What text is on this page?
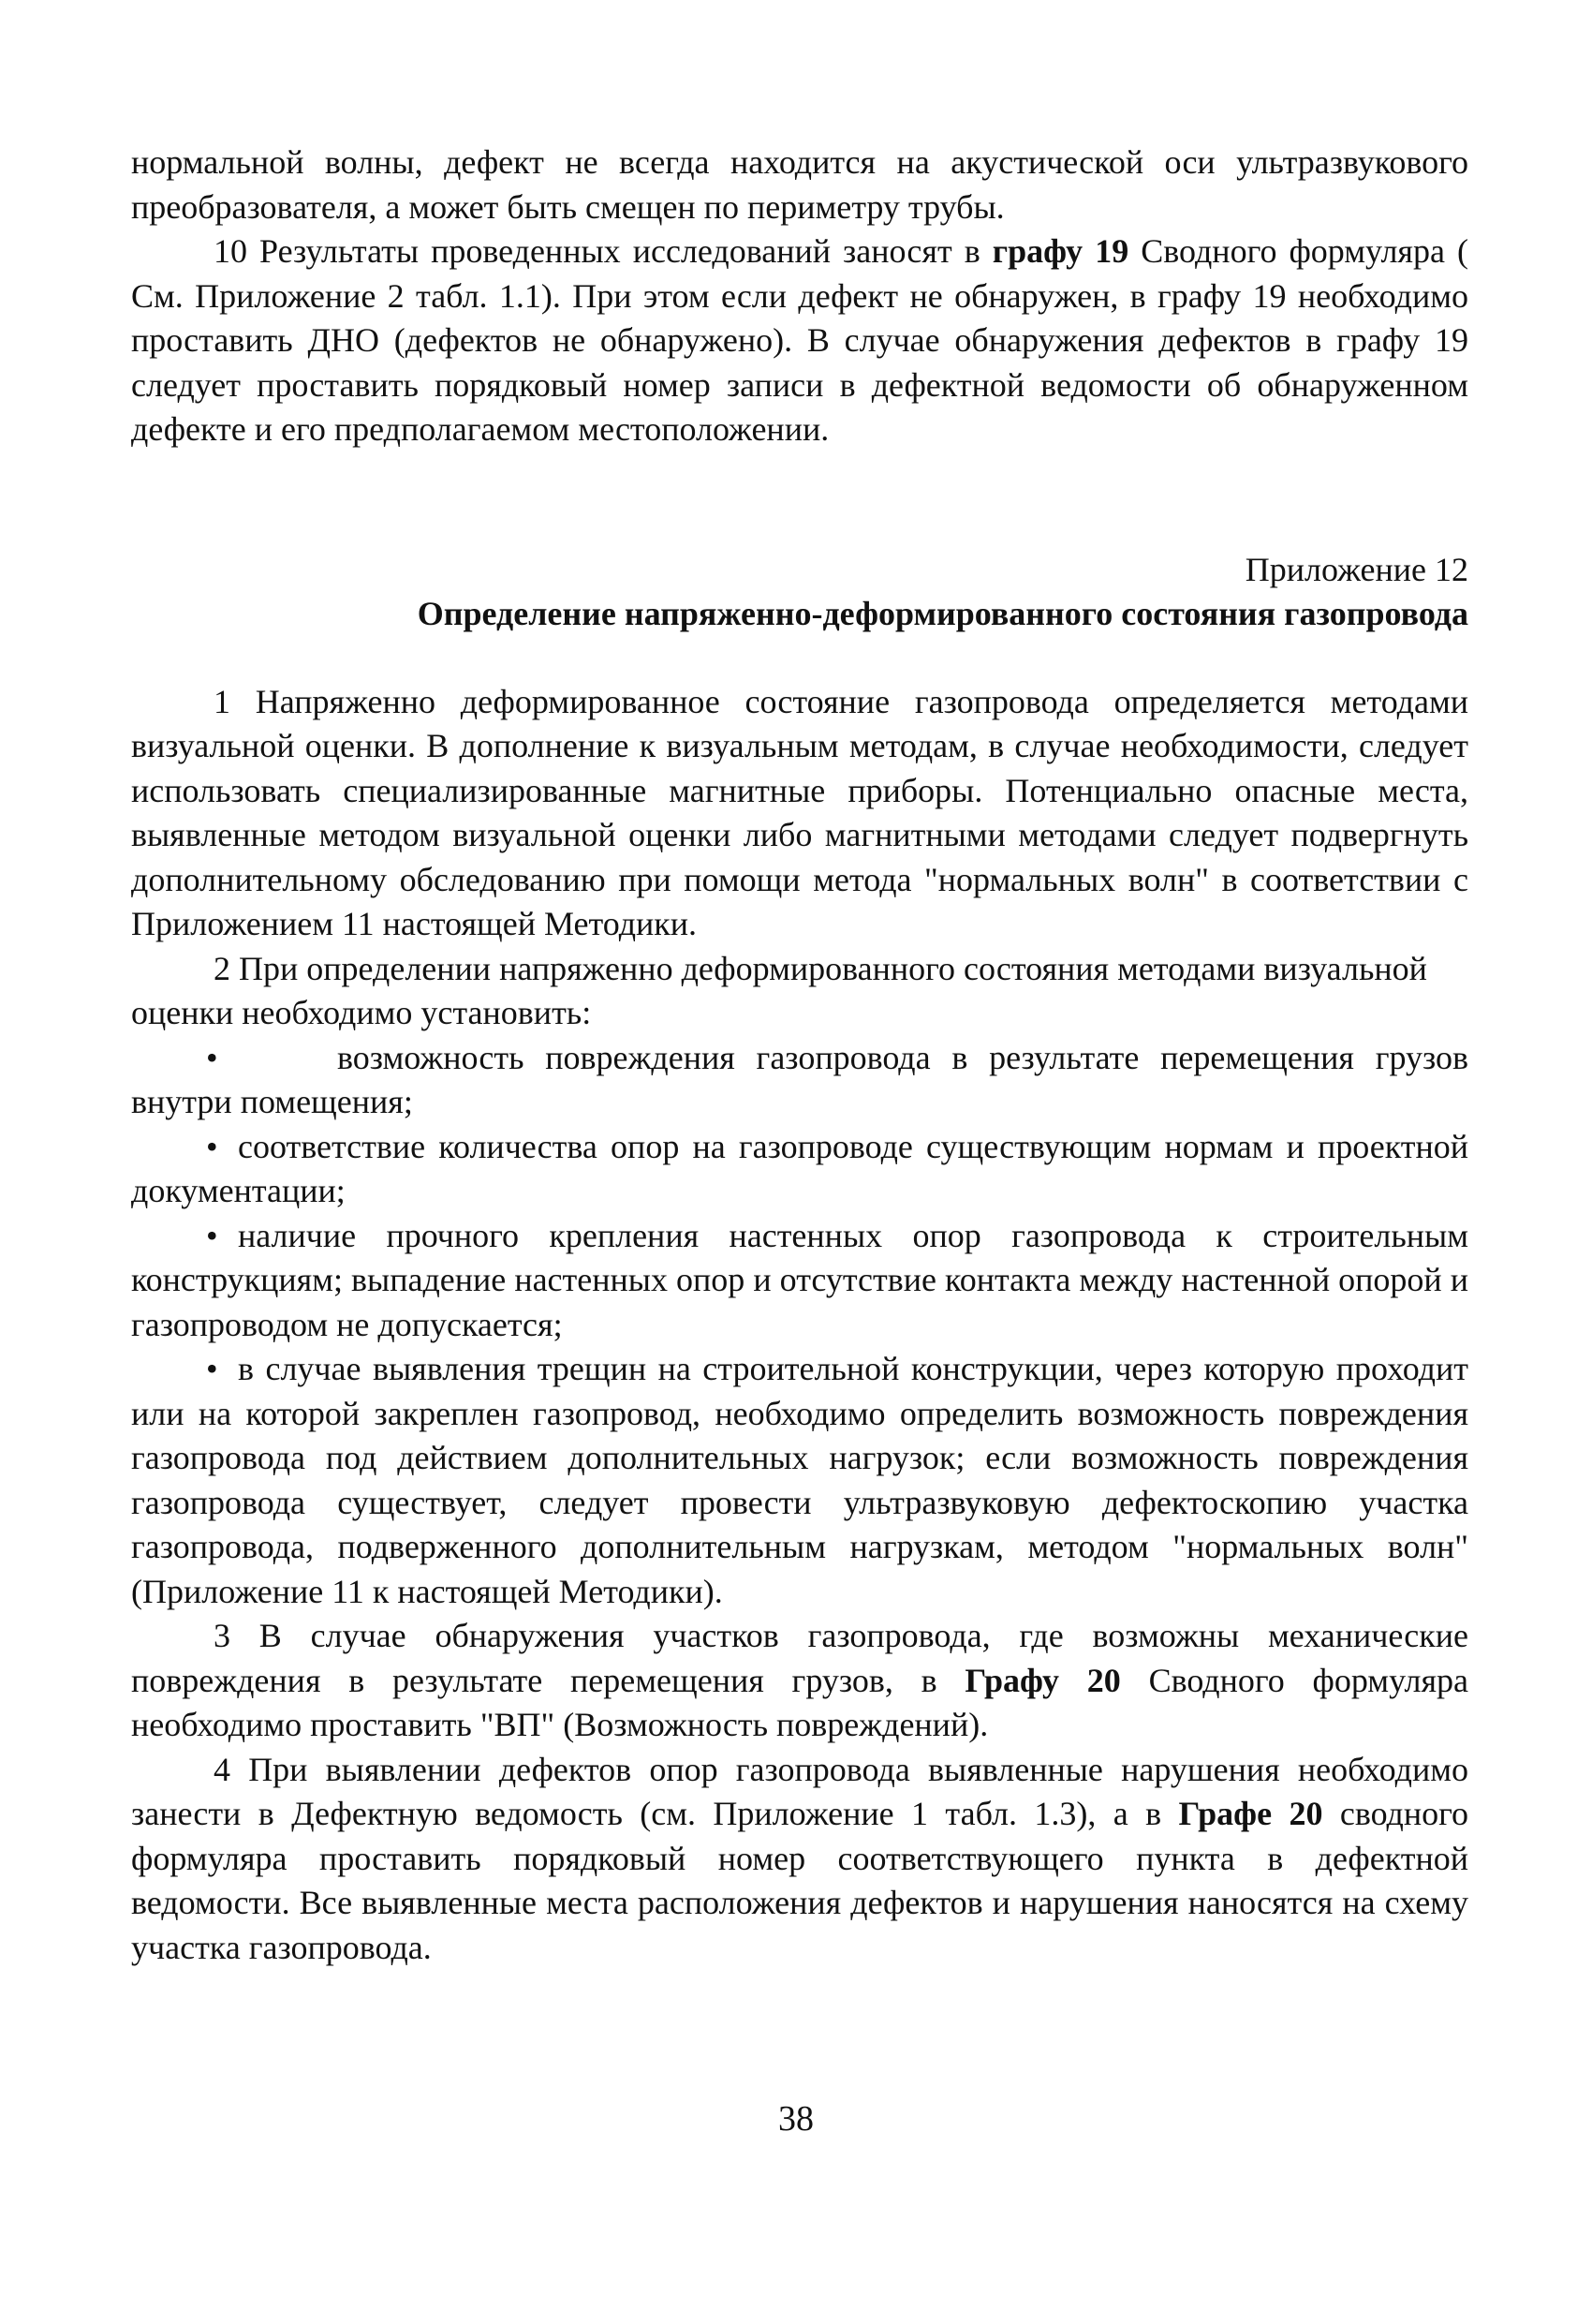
нормальной волны, дефект не всегда находится на акустической оси ультразвукового преобразователя, а может быть смещен по периметру трубы.

10 Результаты проведенных исследований заносят в графу 19 Сводного формуляра ( См. Приложение 2 табл. 1.1). При этом если дефект не обнаружен, в графу 19 необходимо проставить ДНО (дефектов не обнаружено). В случае обнаружения дефектов в графу 19 следует проставить порядковый номер записи в дефектной ведомости об обнаруженном дефекте и его предполагаемом местоположении.

Приложение 12

Определение напряженно-деформированного состояния газопровода

1 Напряженно деформированное состояние газопровода определяется методами визуальной оценки. В дополнение к визуальным методам, в случае необходимости, следует использовать специализированные магнитные приборы. Потенциально опасные места, выявленные методом визуальной оценки либо магнитными методами следует подвергнуть дополнительному обследованию при помощи метода "нормальных волн" в соответствии с Приложением 11 настоящей Методики.

2 При определении напряженно деформированного состояния методами визуальной оценки необходимо установить:

•	возможность повреждения газопровода в результате перемещения грузов внутри помещения;

• соответствие количества опор на газопроводе существующим нормам и проектной документации;

• наличие прочного крепления настенных опор газопровода к строительным конструкциям; выпадение настенных опор и отсутствие контакта между настенной опорой и газопроводом не допускается;

• в случае выявления трещин на строительной конструкции, через которую проходит или на которой закреплен газопровод, необходимо определить возможность повреждения газопровода под действием дополнительных нагрузок; если возможность повреждения газопровода существует, следует провести ультразвуковую дефектоскопию участка газопровода, подверженного дополнительным нагрузкам, методом "нормальных волн" (Приложение 11 к настоящей Методики).

3 В случае обнаружения участков газопровода, где возможны механические повреждения в результате перемещения грузов, в Графу 20 Сводного формуляра необходимо проставить "ВП" (Возможность повреждений).

4 При выявлении дефектов опор газопровода выявленные нарушения необходимо занести в Дефектную ведомость (см. Приложение 1 табл. 1.3), а в Графе 20 сводного формуляра проставить порядковый номер соответствующего пункта в дефектной ведомости. Все выявленные места расположения дефектов и нарушения наносятся на схему участка газопровода.

38
